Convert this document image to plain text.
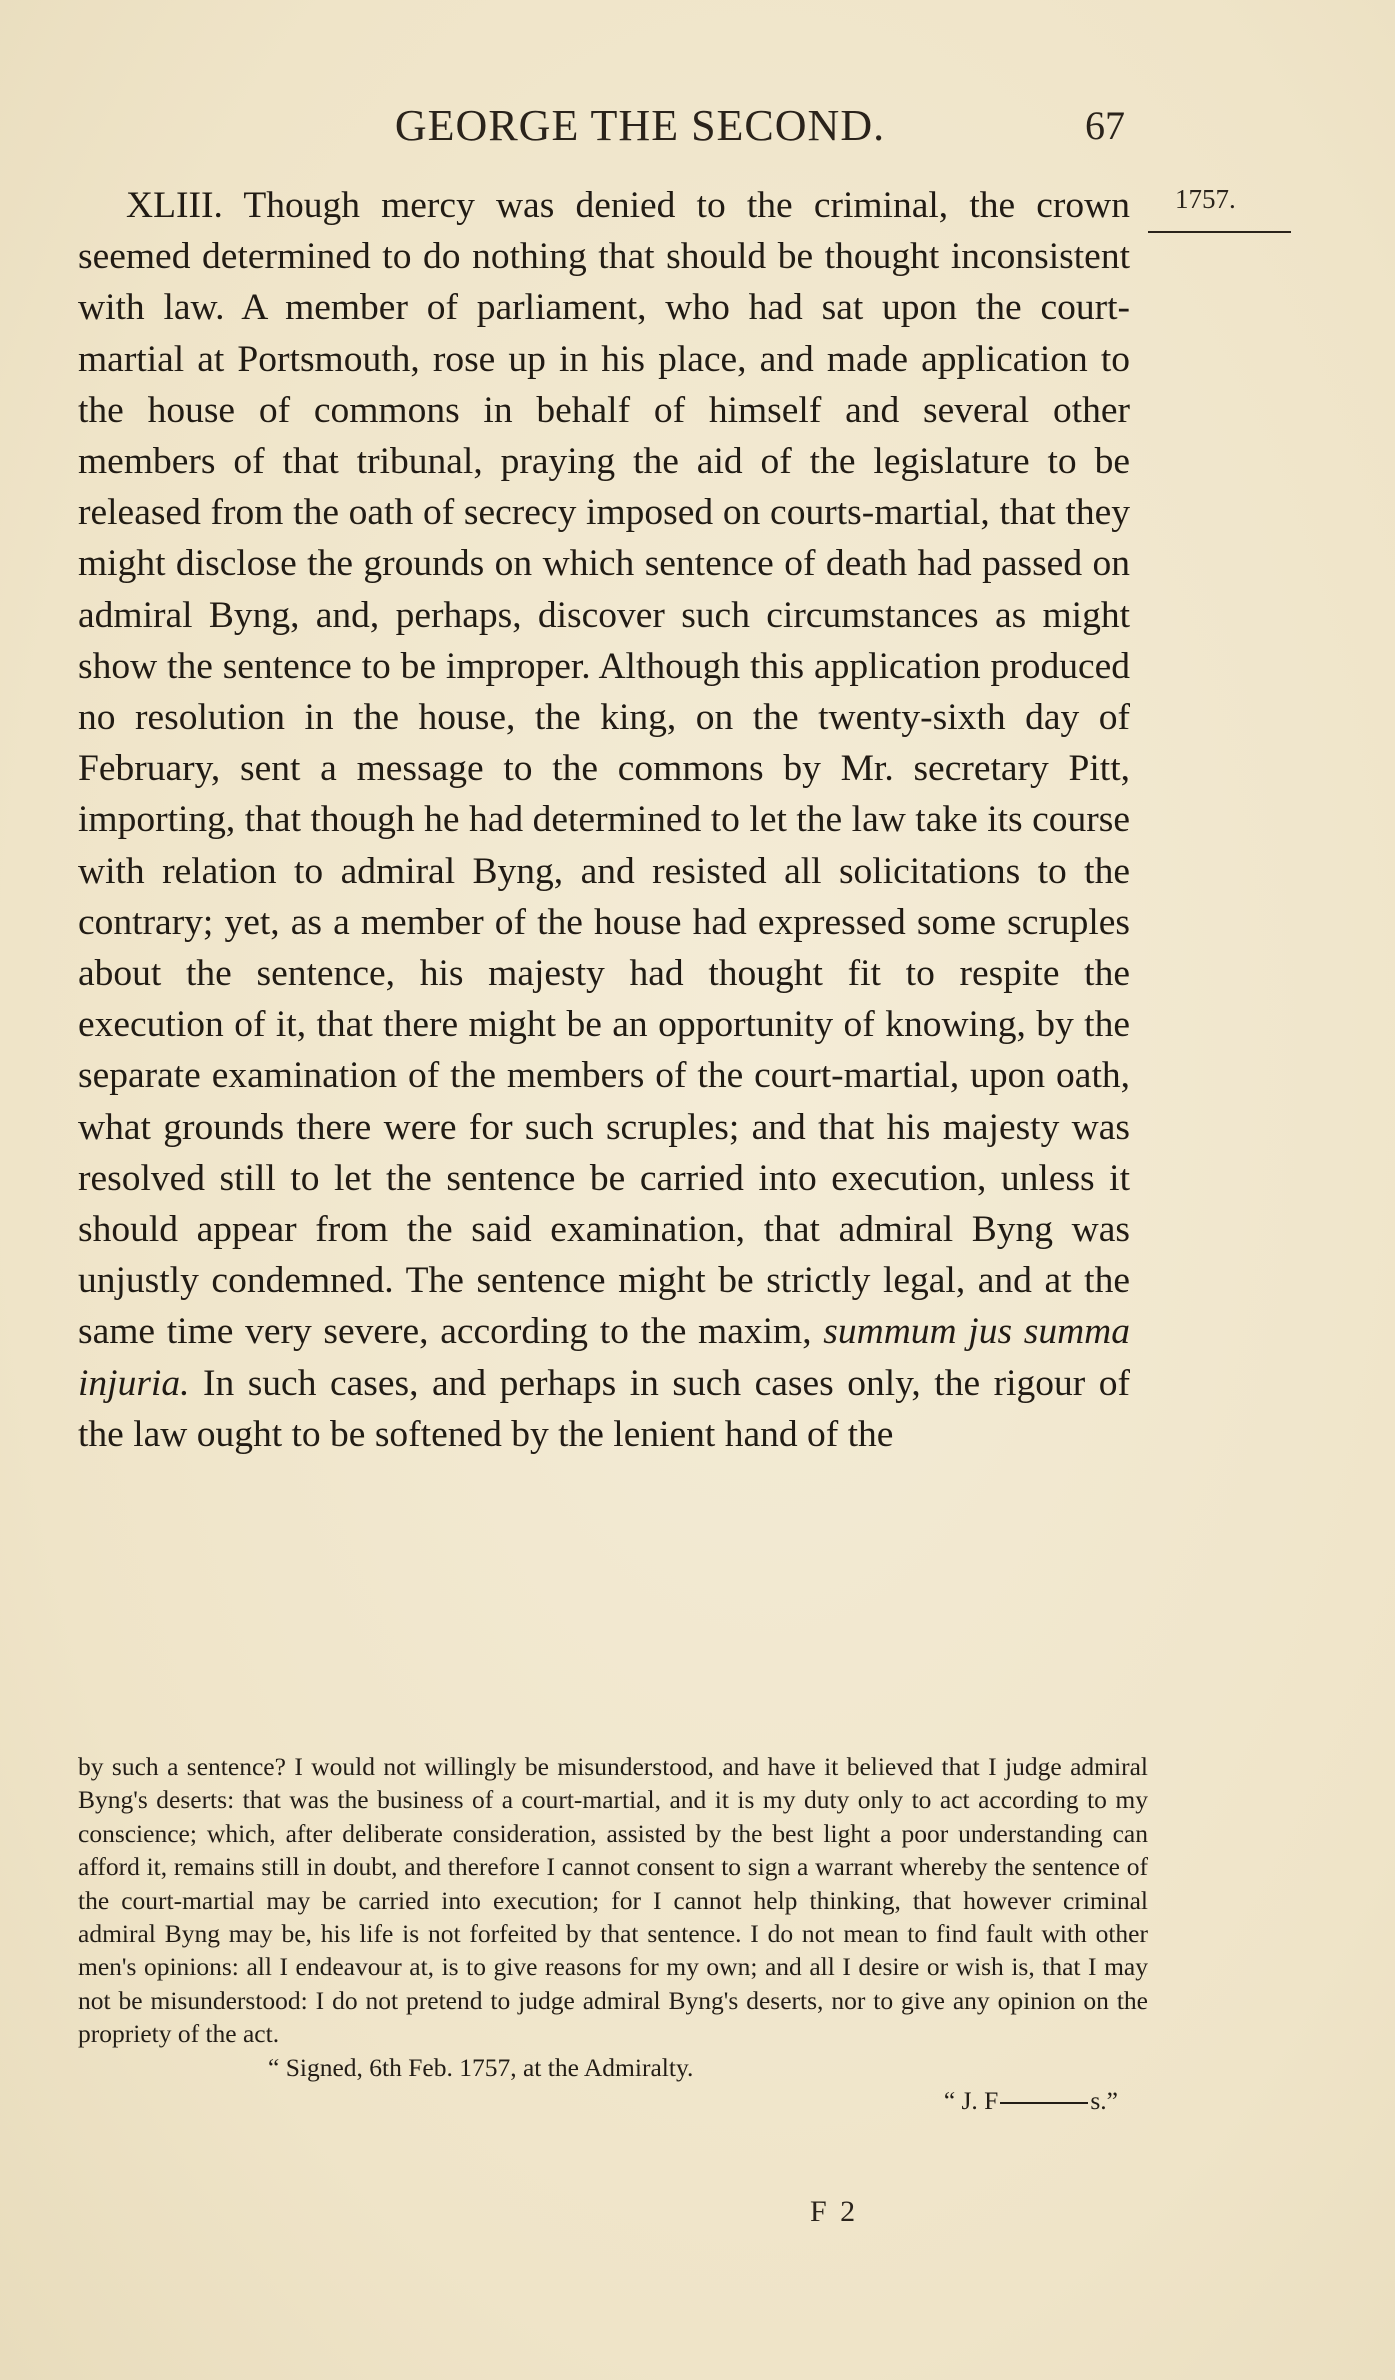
GEORGE THE SECOND.	67
1757.

XLIII. Though mercy was denied to the criminal, the crown seemed determined to do nothing that should be thought inconsistent with law. A member of parliament, who had sat upon the court-martial at Portsmouth, rose up in his place, and made application to the house of commons in behalf of himself and several other members of that tribunal, praying the aid of the legislature to be released from the oath of secrecy imposed on courts-martial, that they might disclose the grounds on which sentence of death had passed on admiral Byng, and, perhaps, discover such circumstances as might show the sentence to be improper. Although this application produced no resolution in the house, the king, on the twenty-sixth day of February, sent a message to the commons by Mr. secretary Pitt, importing, that though he had determined to let the law take its course with relation to admiral Byng, and resisted all solicitations to the contrary; yet, as a member of the house had expressed some scruples about the sentence, his majesty had thought fit to respite the execution of it, that there might be an opportunity of knowing, by the separate examination of the members of the court-martial, upon oath, what grounds there were for such scruples; and that his majesty was resolved still to let the sentence be carried into execution, unless it should appear from the said examination, that admiral Byng was unjustly condemned. The sentence might be strictly legal, and at the same time very severe, according to the maxim, summum jus summa injuria. In such cases, and perhaps in such cases only, the rigour of the law ought to be softened by the lenient hand of the

by such a sentence? I would not willingly be misunderstood, and have it believed that I judge admiral Byng's deserts: that was the business of a court-martial, and it is my duty only to act according to my conscience; which, after deliberate consideration, assisted by the best light a poor understanding can afford it, remains still in doubt, and therefore I cannot consent to sign a warrant whereby the sentence of the court-martial may be carried into execution; for I cannot help thinking, that however criminal admiral Byng may be, his life is not forfeited by that sentence. I do not mean to find fault with other men's opinions: all I endeavour at, is to give reasons for my own; and all I desire or wish is, that I may not be misunderstood: I do not pretend to judge admiral Byng's deserts, nor to give any opinion on the propriety of the act.

“ Signed, 6th Feb. 1757, at the Admiralty.

“ J. F	s.”

F 2
